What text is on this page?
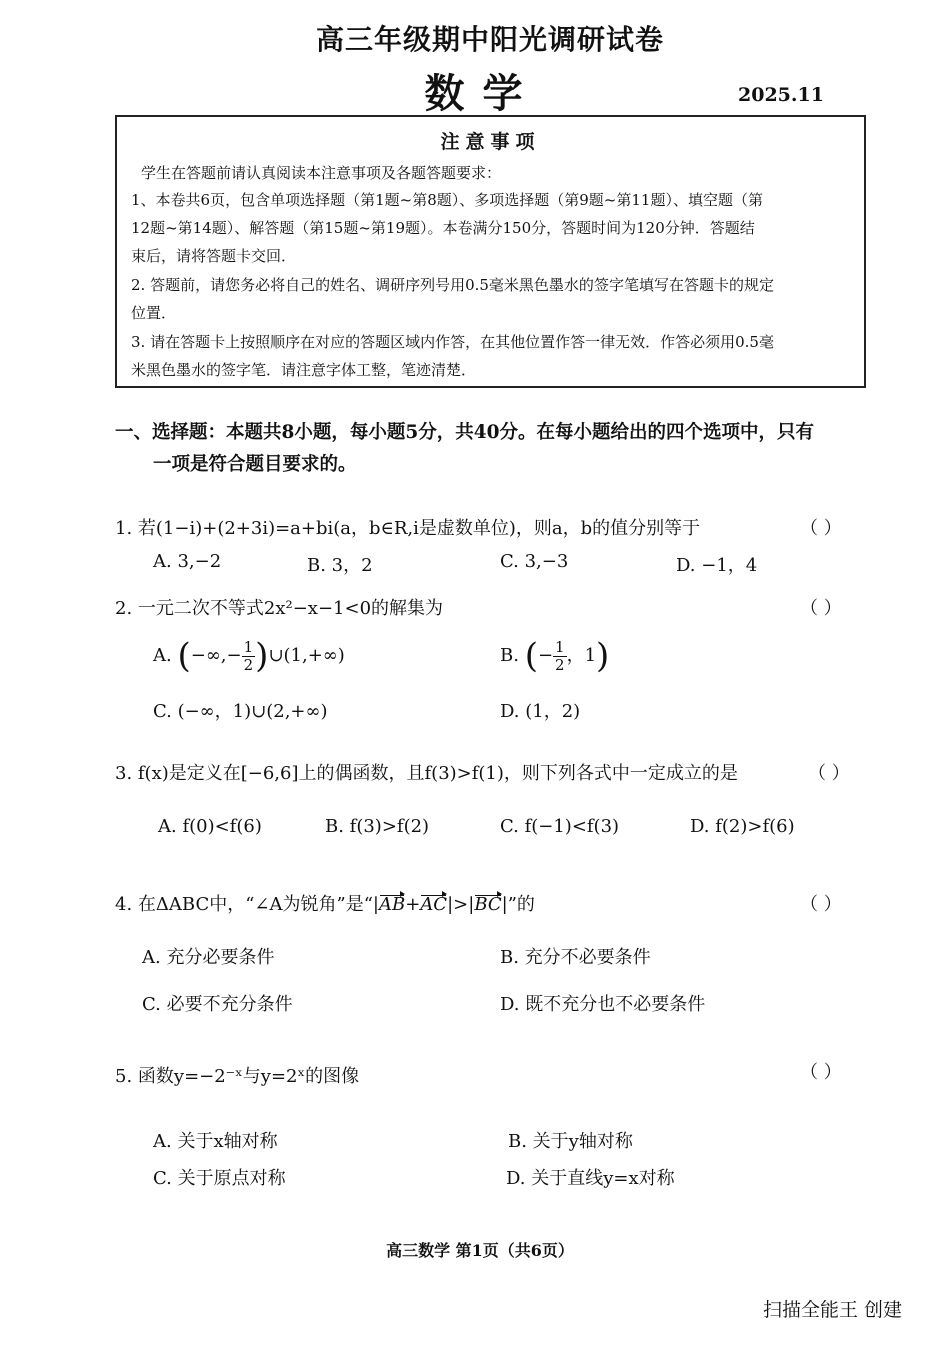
高三年级期中阳光调研试卷
数学	2025.11
注意事项
学生在答题前请认真阅读本注意事项及各题答题要求：
1、本卷共6页，包含单项选择题（第1题~第8题）、多项选择题（第9题~第11题）、填空题（第
12题~第14题）、解答题（第15题~第19题）。本卷满分150分，答题时间为120分钟．答题结
束后，请将答题卡交回．
2. 答题前，请您务必将自己的姓名、调研序列号用0.5毫米黑色墨水的签字笔填写在答题卡的规定
位置．
3. 请在答题卡上按照顺序在对应的答题区域内作答，在其他位置作答一律无效．作答必须用0.5毫
米黑色墨水的签字笔．请注意字体工整，笔迹清楚．
一、选择题：本题共8小题，每小题5分，共40分。在每小题给出的四个选项中，只有
一项是符合题目要求的。
1. 若(1−i)+(2+3i)=a+bi(a，b∈R,i是虚数单位)，则a，b的值分别等于	（ ）
A. 3,−2	B. 3，2	C. 3,−3	D. −1，4
2. 一元二次不等式2x²−x−1<0的解集为	（ ）
A. (−∞,− $\frac{1}{2}$ )∪(1,+∞)	B. (− $\frac{1}{2}$ ，1)
C. (−∞，1)∪(2,+∞)	D. (1，2)
3. f(x)是定义在[−6,6]上的偶函数，且f(3)>f(1)，则下列各式中一定成立的是	（ ）
A. f(0)<f(6)	B. f(3)>f(2)	C. f(−1)<f(3)	D. f(2)>f(6)
4. 在ΔABC中，“∠A为锐角”是“|AB+AC|>|BC|”的	（ ）
A. 充分必要条件	B. 充分不必要条件
C. 必要不充分条件	D. 既不充分也不必要条件
5. 函数y=−2⁻ˣ与y=2ˣ的图像	（ ）
A. 关于x轴对称	B. 关于y轴对称
C. 关于原点对称	D. 关于直线y=x对称
高三数学 第1页（共6页）
扫描全能王 创建
